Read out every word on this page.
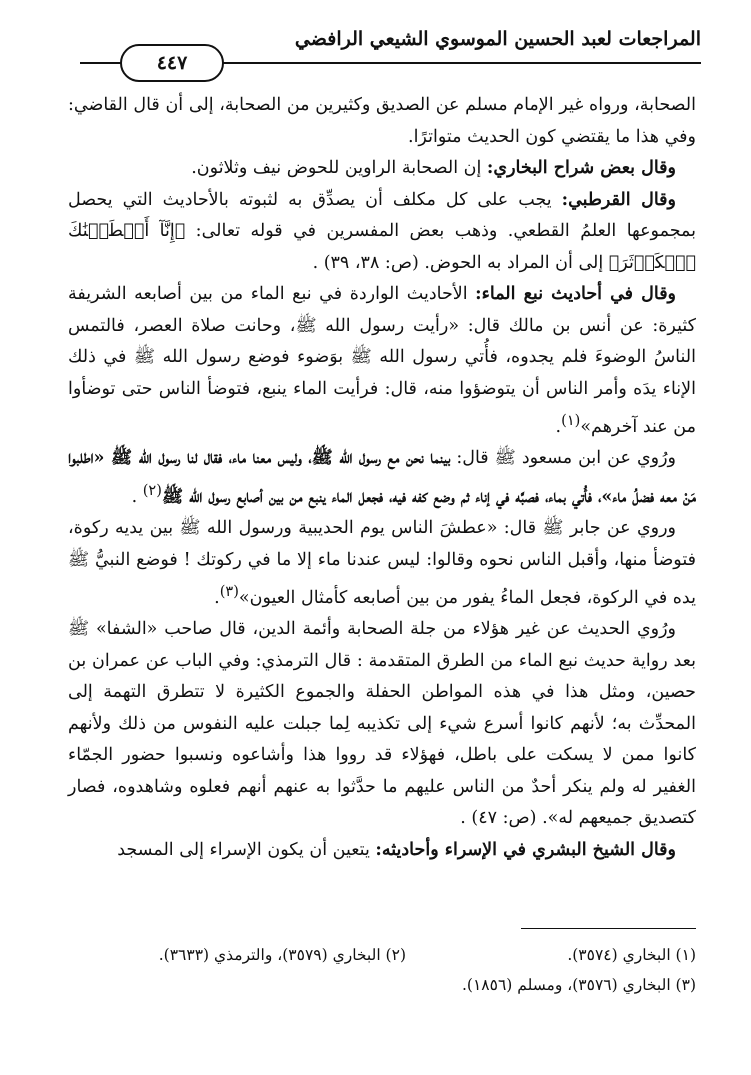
المراجعات لعبد الحسين الموسوي الشيعي الرافضي
٤٤٧

الصحابة، ورواه غير الإمام مسلم عن الصديق وكثيرين من الصحابة، إلى أن قال القاضي: وفي هذا ما يقتضي كون الحديث متواترًا.

وقال بعض شراح البخاري: إن الصحابة الراوين للحوض نيف وثلاثون.

وقال القرطبي: يجب على كل مكلف أن يصدِّق به لثبوته بالأحاديث التي يحصل بمجموعها العلمُ القطعي. وذهب بعض المفسرين في قوله تعالى: ﴿إِنَّآ أَعۡطَيۡنَٰكَ ٱلۡكَوۡثَرَ﴾ إلى أن المراد به الحوض. (ص: ٣٨، ٣٩) .

وقال في أحاديث نبع الماء: الأحاديث الواردة في نبع الماء من بين أصابعه الشريفة كثيرة: عن أنس بن مالك قال: «رأيت رسول الله ﷺ، وحانت صلاة العصر، فالتمس الناسُ الوضوءَ فلم يجدوه، فأُتي رسول الله ﷺ بوَضوء فوضع رسول الله ﷺ في ذلك الإناء يدَه وأمر الناس أن يتوضؤوا منه، قال: فرأيت الماء ينبع، فتوضأ الناس حتى توضأوا من عند آخرهم»$^{(١)}$.

ورُوي عن ابن مسعود ﷺ قال: بينما نحن مع رسول الله ﷺ، وليس معنا ماء، فقال لنا رسول الله ﷺ «اطلبوا مَنْ معه فضلُ ماء»، فأُتي بماء، فصبَّه في إناء ثم وضع كفه فيه، فجعل الماء ينبع من بين أصابع رسول الله ﷺ$^{(٢)}$ .

وروي عن جابر ﷺ قال: «عطشَ الناس يوم الحديبية ورسول الله ﷺ بين يديه ركوة، فتوضأ منها، وأقبل الناس نحوه وقالوا: ليس عندنا ماء إلا ما في ركوتك ! فوضع النبيُّ ﷺ يده في الركوة، فجعل الماءُ يفور من بين أصابعه كأمثال العيون»$^{(٣)}$.

ورُوي الحديث عن غير هؤلاء من جلة الصحابة وأئمة الدين، قال صاحب «الشفا» ﷺ بعد رواية حديث نبع الماء من الطرق المتقدمة : قال الترمذي: وفي الباب عن عمران بن حصين، ومثل هذا في هذه المواطن الحفلة والجموع الكثيرة لا تتطرق التهمة إلى المحدِّث به؛ لأنهم كانوا أسرع شيء إلى تكذيبه لِما جبلت عليه النفوس من ذلك ولأنهم كانوا ممن لا يسكت على باطل، فهؤلاء قد رووا هذا وأشاعوه ونسبوا حضور الجمّاء الغفير له ولم ينكر أحدٌ من الناس عليهم ما حدَّثوا به عنهم أنهم فعلوه وشاهدوه، فصار كتصديق جميعهم له». (ص: ٤٧) .

وقال الشيخ البشري في الإسراء وأحاديثه: يتعين أن يكون الإسراء إلى المسجد

(١) البخاري (٣٥٧٤).
(٢) البخاري (٣٥٧٩)، والترمذي (٣٦٣٣).
(٣) البخاري (٣٥٧٦)، ومسلم (١٨٥٦).
